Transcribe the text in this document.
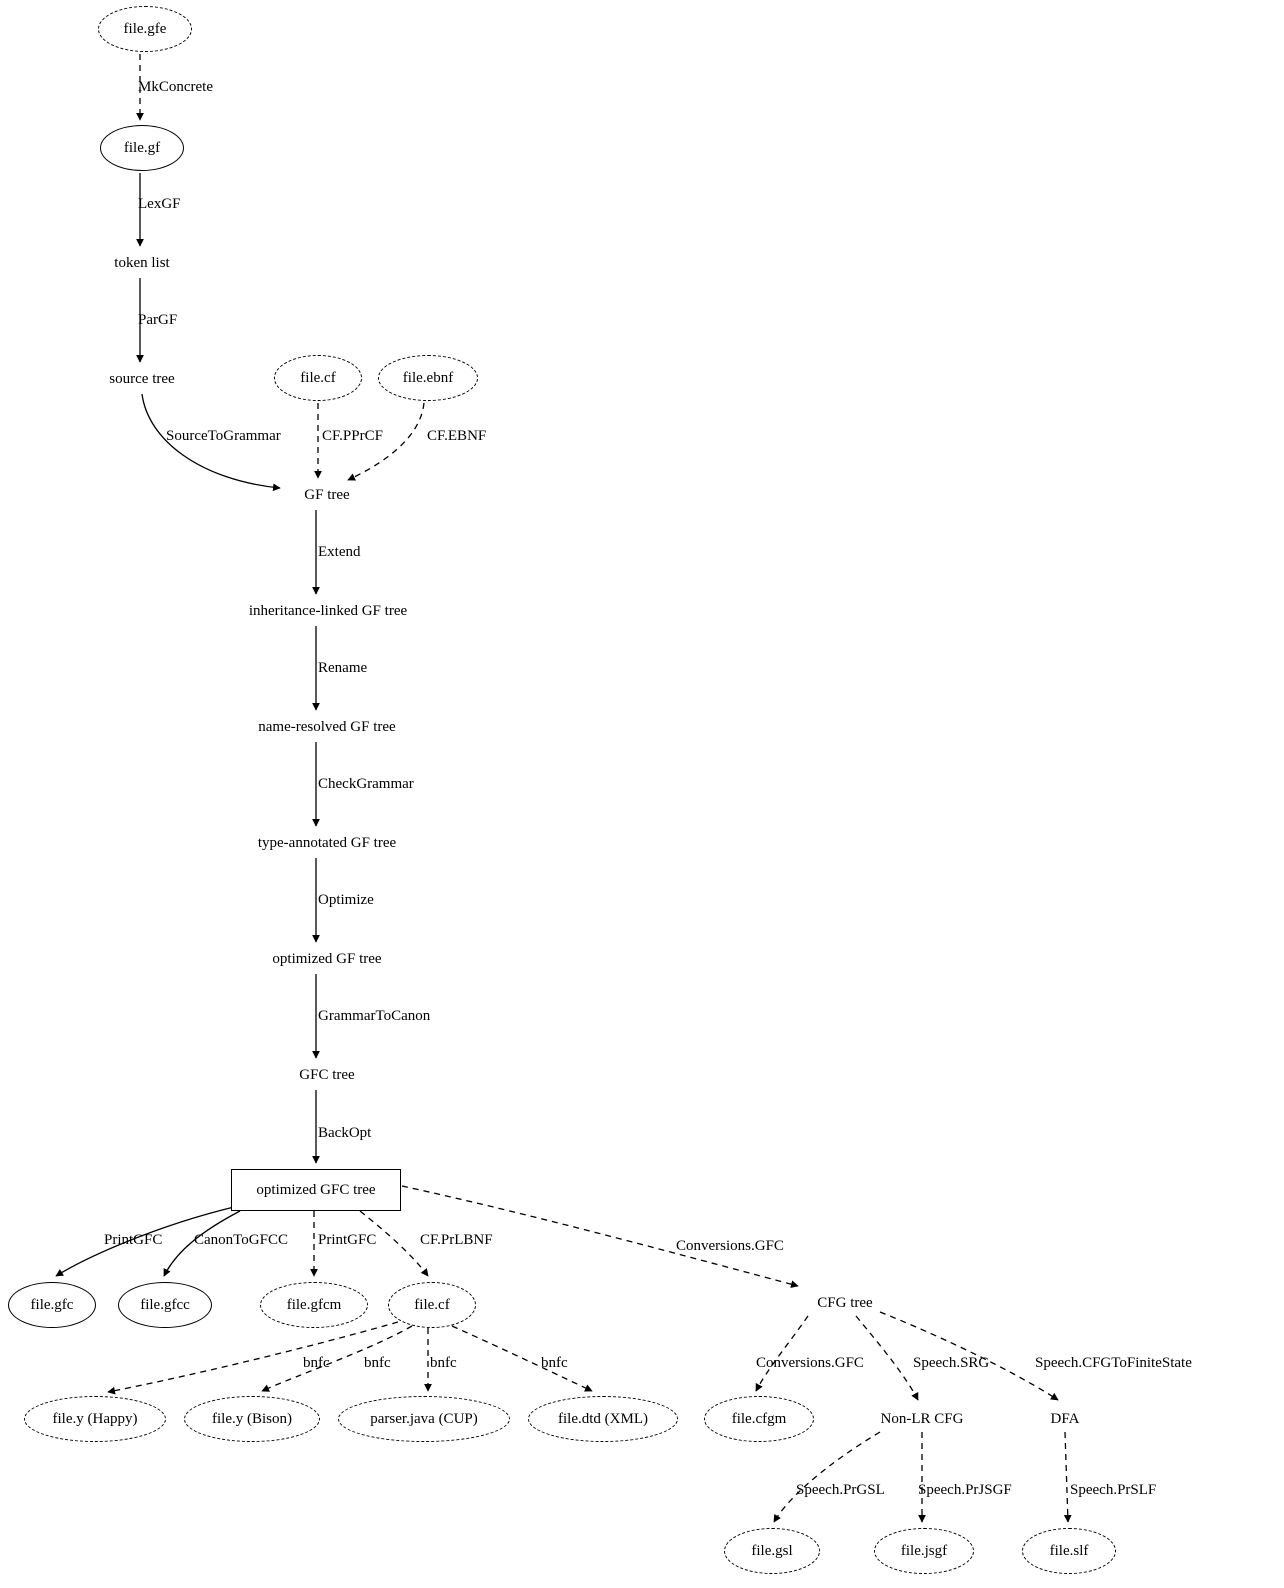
file.gfe
file.gf
token list
source tree	file.cf	file.ebnf
GF tree
inheritance-linked GF tree
name-resolved GF tree
type-annotated GF tree
optimized GF tree
GFC tree
optimized GFC tree
file.gfc	file.gfcc	file.gfcm	file.cf	CFG tree
file.y (Happy)	file.y (Bison)	parser.java (CUP)	file.dtd (XML)	file.cfgm	Non-LR CFG	DFA
file.gsl	file.jsgf	file.slf
MkConcrete
LexGF
ParGF
SourceToGrammar	CF.PPrCF	CF.EBNF
Extend
Rename
CheckGrammar
Optimize
GrammarToCanon
BackOpt
PrintGFC CanonToGFCC PrintGFC	CF.PrLBNF	Conversions.GFC
bnfc bnfc	bnfc	bnfc	Conversions.GFC	Speech.SRG	Speech.CFGToFiniteState
Speech.PrGSL Speech.PrJSGF	Speech.PrSLF
